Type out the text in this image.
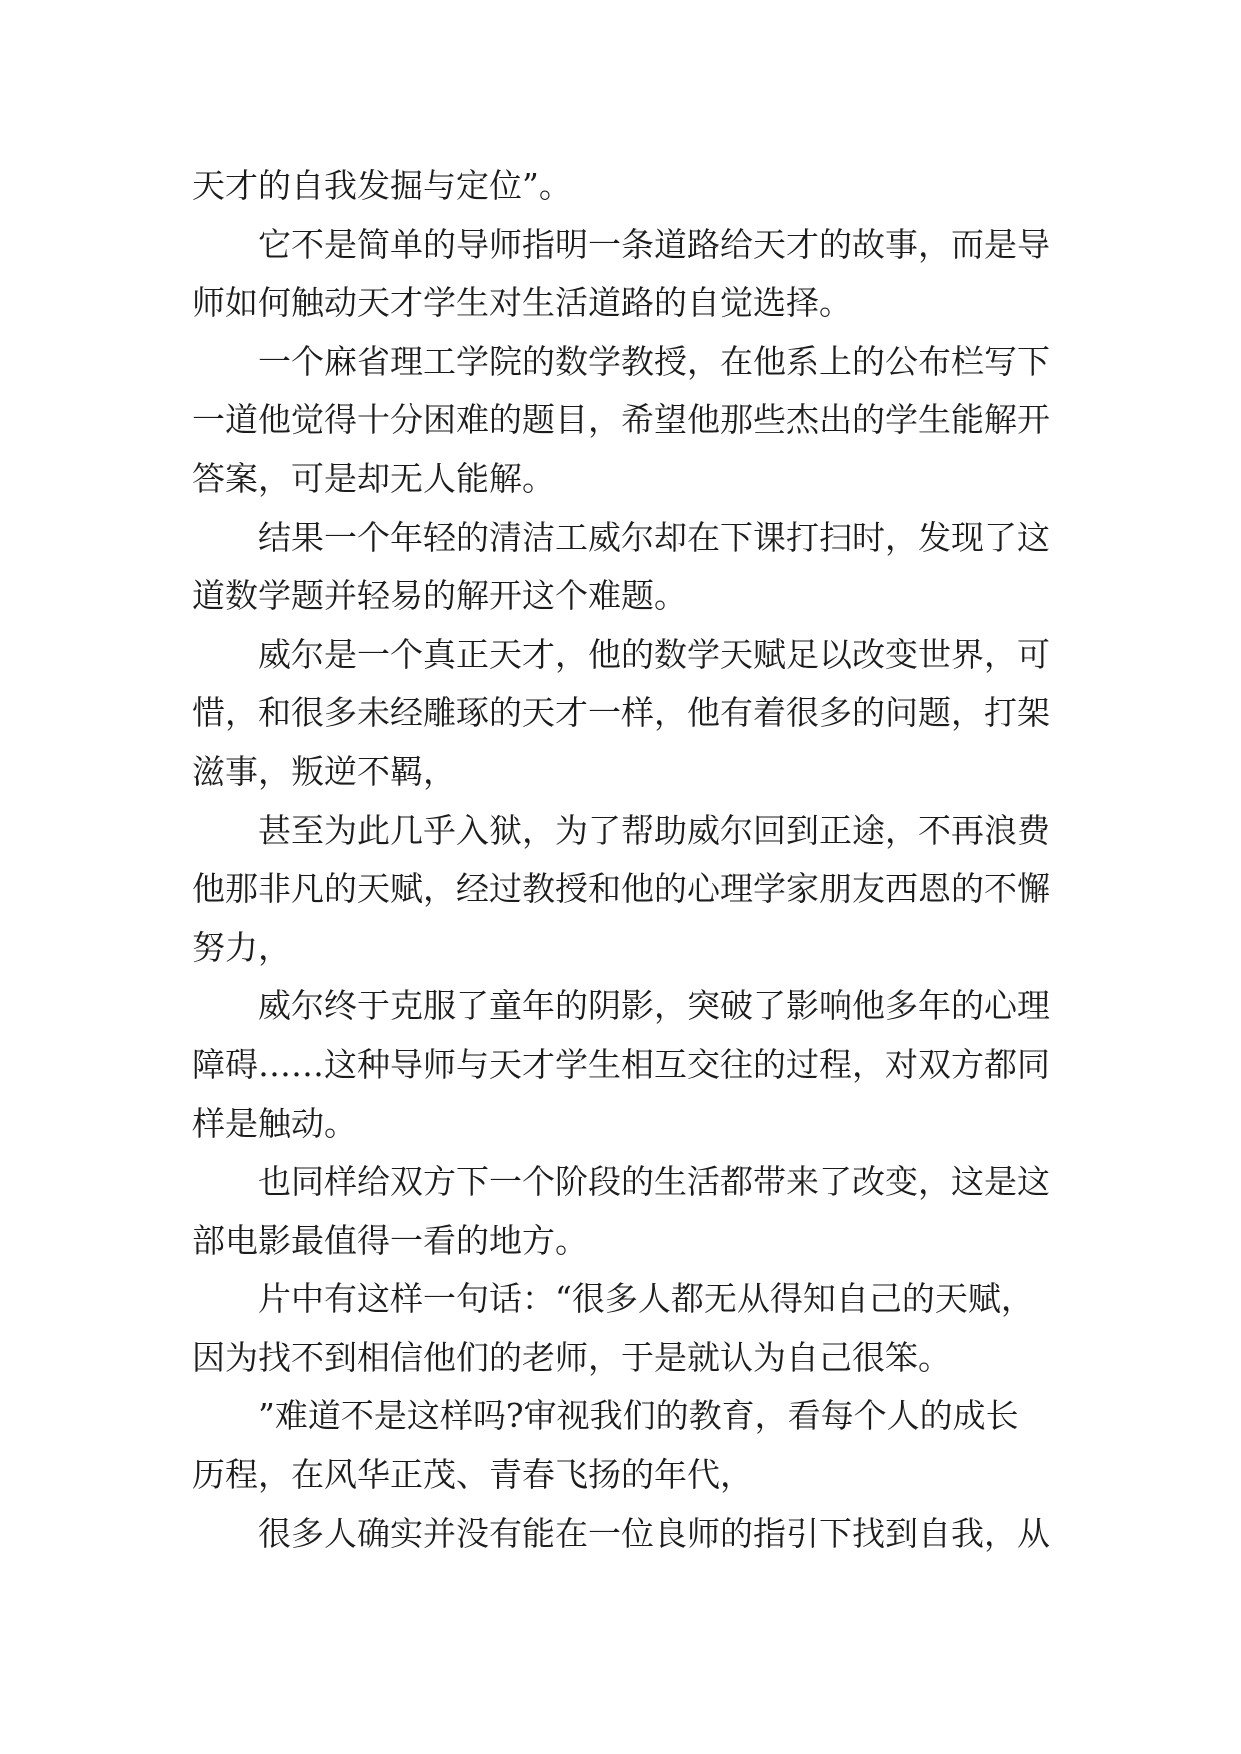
天才的自我发掘与定位”。
它不是简单的导师指明一条道路给天才的故事，而是导
师如何触动天才学生对生活道路的自觉选择。
一个麻省理工学院的数学教授，在他系上的公布栏写下
一道他觉得十分困难的题目，希望他那些杰出的学生能解开
答案，可是却无人能解。
结果一个年轻的清洁工威尔却在下课打扫时，发现了这
道数学题并轻易的解开这个难题。
威尔是一个真正天才，他的数学天赋足以改变世界，可
惜，和很多未经雕琢的天才一样，他有着很多的问题，打架
滋事，叛逆不羁，
甚至为此几乎入狱，为了帮助威尔回到正途，不再浪费
他那非凡的天赋，经过教授和他的心理学家朋友西恩的不懈
努力，
威尔终于克服了童年的阴影，突破了影响他多年的心理
障碍……这种导师与天才学生相互交往的过程，对双方都同
样是触动。
也同样给双方下一个阶段的生活都带来了改变，这是这
部电影最值得一看的地方。
片中有这样一句话：“很多人都无从得知自己的天赋，
因为找不到相信他们的老师，于是就认为自己很笨。
”难道不是这样吗?审视我们的教育，看每个人的成长
历程，在风华正茂、青春飞扬的年代，
很多人确实并没有能在一位良师的指引下找到自我，从
